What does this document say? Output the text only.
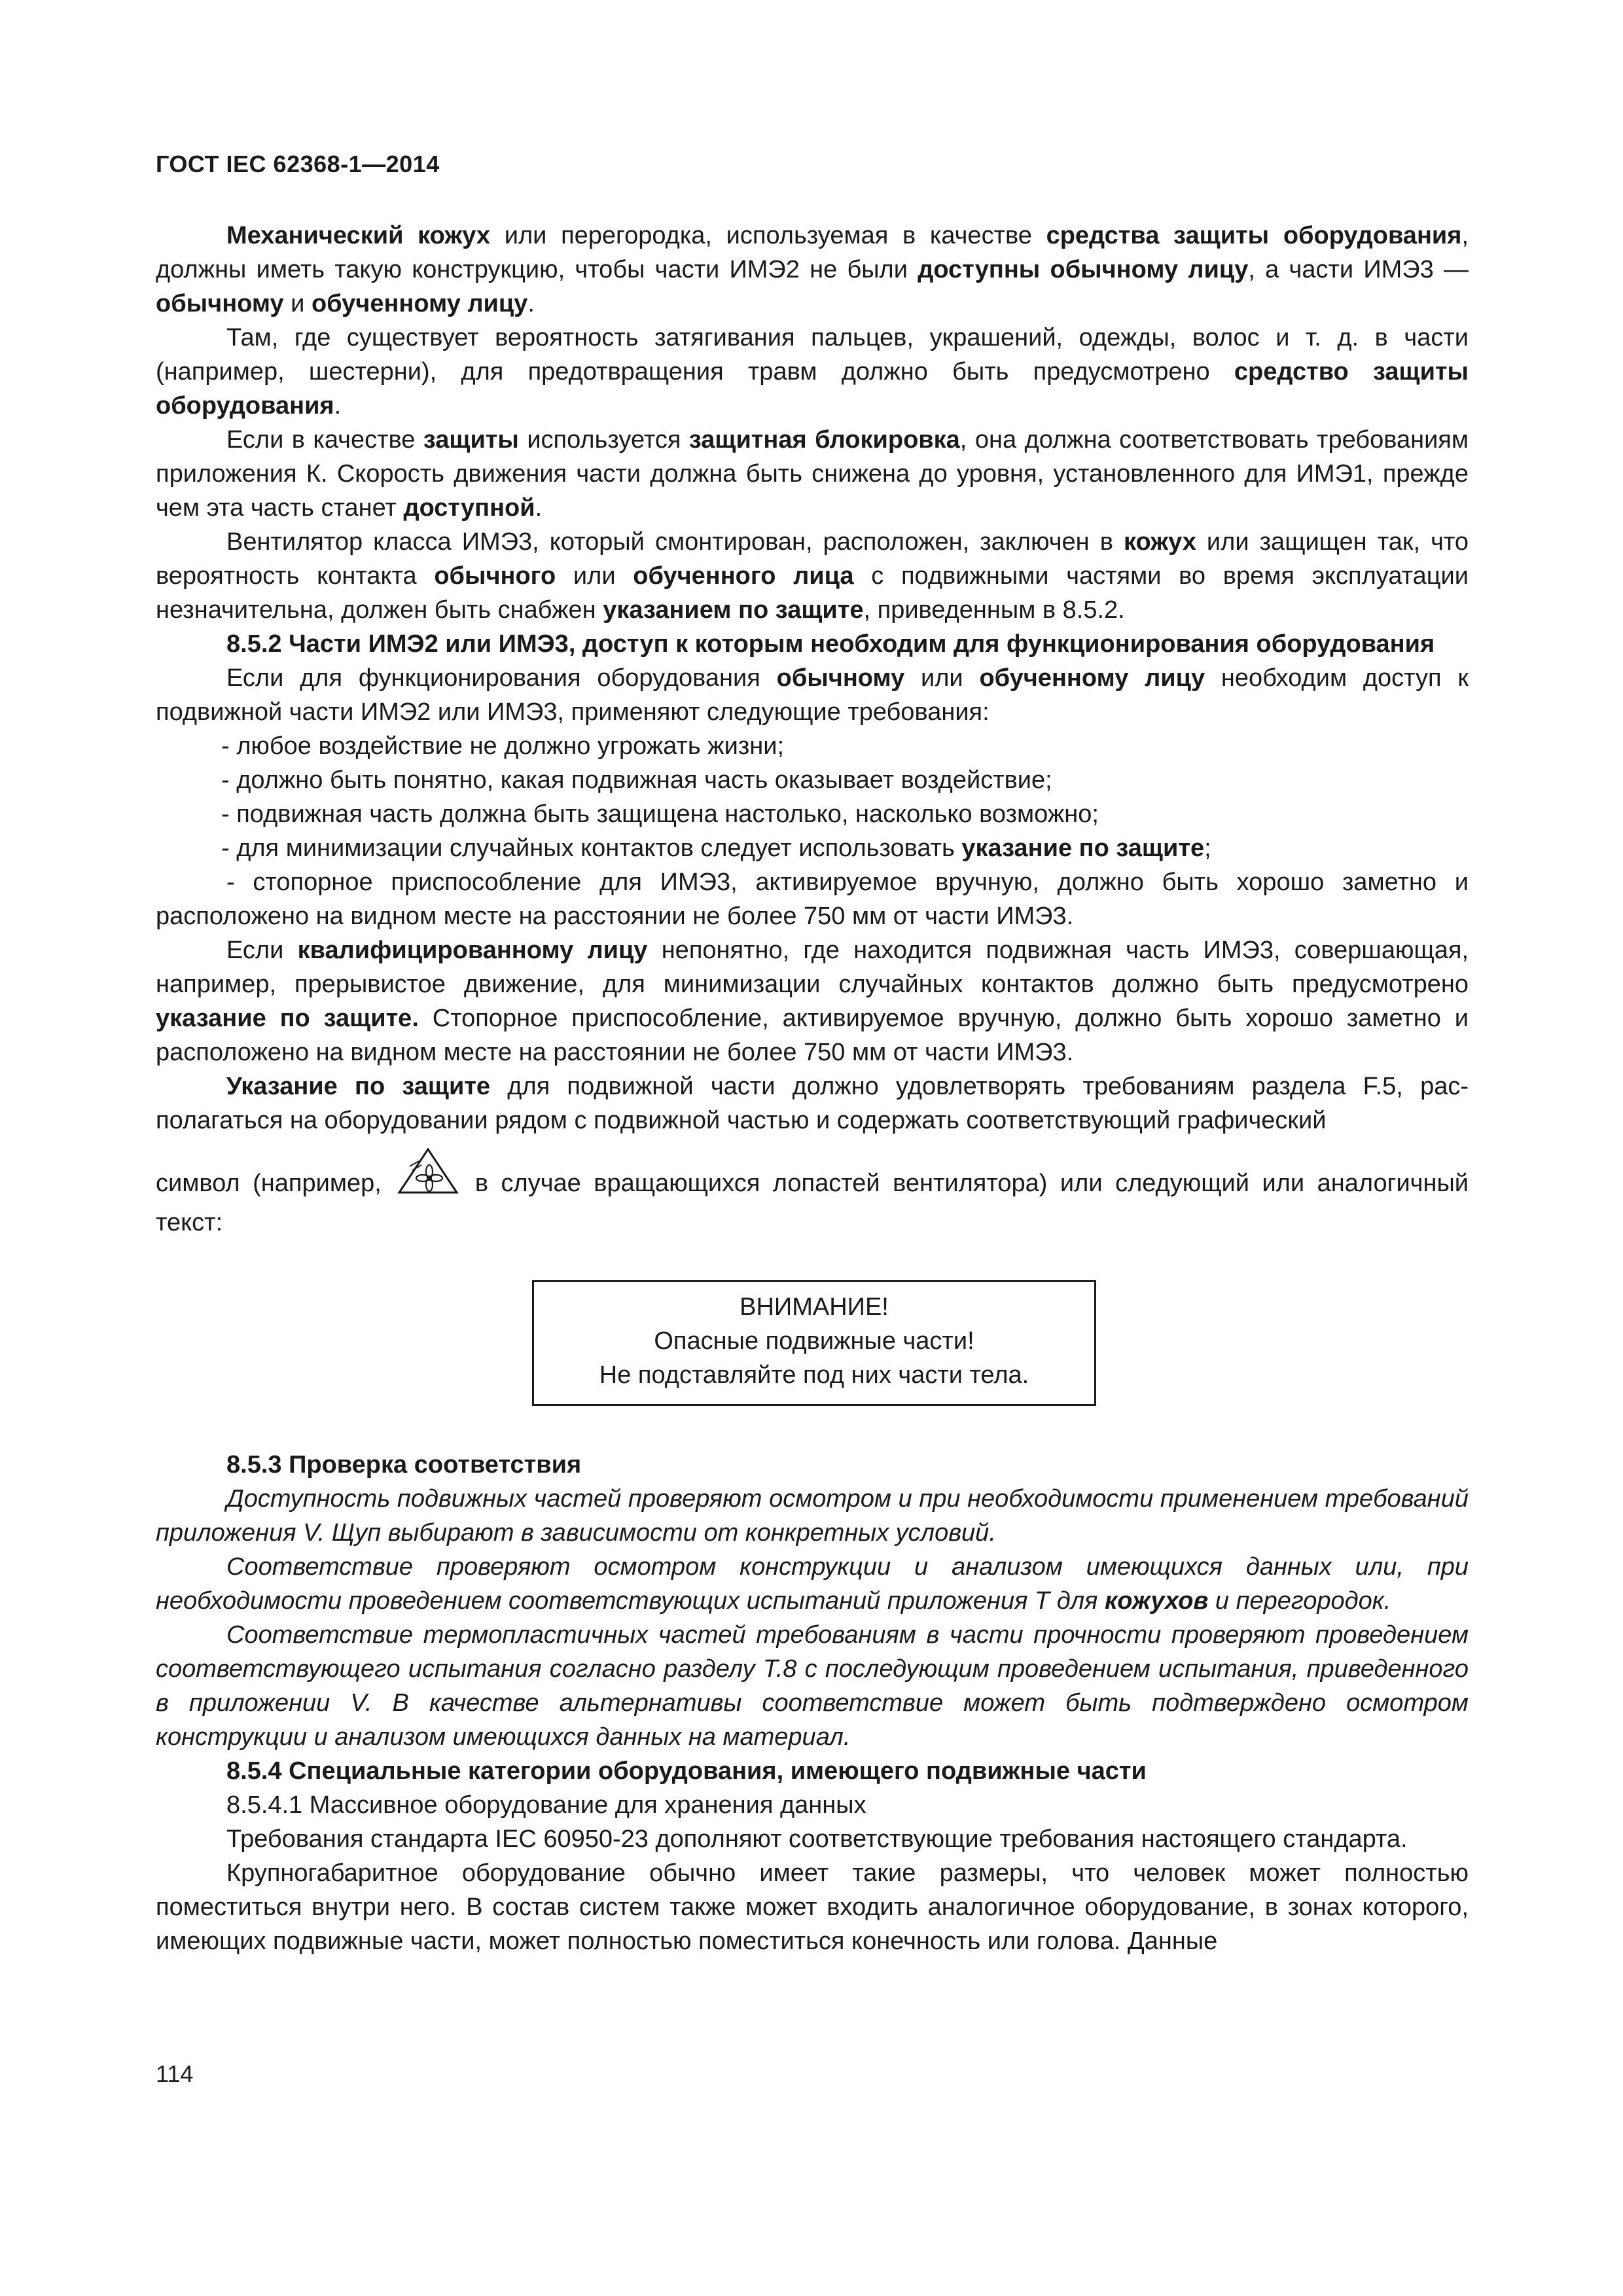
ГОСТ IEC 62368-1—2014

Механический кожух или перегородка, используемая в качестве средства защиты оборудования, должны иметь такую конструкцию, чтобы части ИМЭ2 не были доступны обычному лицу, а части ИМЭ3 — обычному и обученному лицу.

Там, где существует вероятность затягивания пальцев, украшений, одежды, волос и т. д. в части (например, шестерни), для предотвращения травм должно быть предусмотрено средство защиты оборудования.

Если в качестве защиты используется защитная блокировка, она должна соответствовать требованиям приложения К. Скорость движения части должна быть снижена до уровня, установленного для ИМЭ1, прежде чем эта часть станет доступной.

Вентилятор класса ИМЭ3, который смонтирован, расположен, заключен в кожух или защищен так, что вероятность контакта обычного или обученного лица с подвижными частями во время эксплуатации незначительна, должен быть снабжен указанием по защите, приведенным в 8.5.2.

8.5.2 Части ИМЭ2 или ИМЭ3, доступ к которым необходим для функционирования оборудования

Если для функционирования оборудования обычному или обученному лицу необходим доступ к подвижной части ИМЭ2 или ИМЭ3, применяют следующие требования:

- любое воздействие не должно угрожать жизни;

- должно быть понятно, какая подвижная часть оказывает воздействие;

- подвижная часть должна быть защищена настолько, насколько возможно;

- для минимизации случайных контактов следует использовать указание по защите;

- стопорное приспособление для ИМЭ3, активируемое вручную, должно быть хорошо заметно и расположено на видном месте на расстоянии не более 750 мм от части ИМЭ3.

Если квалифицированному лицу непонятно, где находится подвижная часть ИМЭ3, совершающая, например, прерывистое движение, для минимизации случайных контактов должно быть предусмотрено указание по защите. Стопорное приспособление, активируемое вручную, должно быть хорошо заметно и расположено на видном месте на расстоянии не более 750 мм от части ИМЭ3.

Указание по защите для подвижной части должно удовлетворять требованиям раздела F.5, располагаться на оборудовании рядом с подвижной частью и содержать соответствующий графический

символ (например,	в случае вращающихся лопастей вентилятора) или следующий или аналогичный текст:

ВНИМАНИЕ!
Опасные подвижные части!
Не подставляйте под них части тела.

8.5.3 Проверка соответствия

Доступность подвижных частей проверяют осмотром и при необходимости применением требований приложения V. Щуп выбирают в зависимости от конкретных условий.

Соответствие проверяют осмотром конструкции и анализом имеющихся данных или, при необходимости проведением соответствующих испытаний приложения Т для кожухов и перегородок.

Соответствие термопластичных частей требованиям в части прочности проверяют проведением соответствующего испытания согласно разделу Т.8 с последующим проведением испытания, приведенного в приложении V. В качестве альтернативы соответствие может быть подтверждено осмотром конструкции и анализом имеющихся данных на материал.

8.5.4 Специальные категории оборудования, имеющего подвижные части

8.5.4.1 Массивное оборудование для хранения данных

Требования стандарта IEC 60950-23 дополняют соответствующие требования настоящего стандарта.

Крупногабаритное оборудование обычно имеет такие размеры, что человек может полностью поместиться внутри него. В состав систем также может входить аналогичное оборудование, в зонах которого, имеющих подвижные части, может полностью поместиться конечность или голова. Данные

114
